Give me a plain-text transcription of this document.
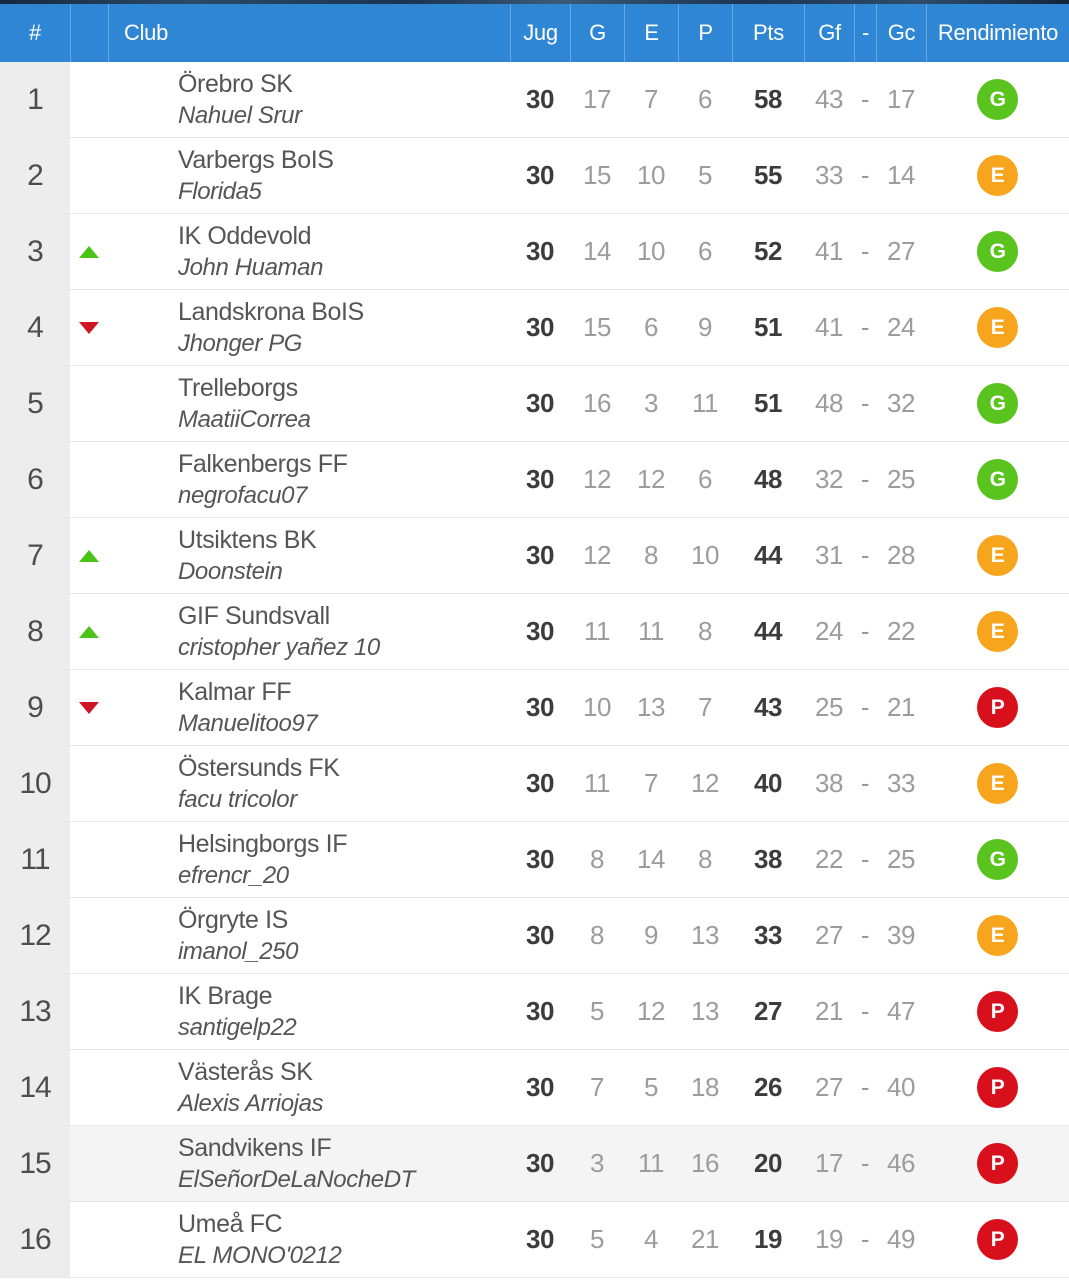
#	Club	Jug	G	E	P	Pts	Gf - Gc	Rendimiento
1	Örebro SK
Nahuel Srur
30	17	7	6	58	43 - 17	G
2	Varbergs BoIS
Florida5
30	15	10	5	55	33 - 14	E
3	IK Oddevold
John Huaman
30	14	10	6	52	41 - 27	G
4	Landskrona BoIS
Jhonger PG
30	15	6	9	51	41 - 24	E
5	Trelleborgs
MaatiiCorrea
30	16	3	11	51	48 - 32	G
6	Falkenbergs FF
negrofacu07
30	12	12	6	48	32 - 25	G
7	Utsiktens BK
Doonstein
30	12	8	10	44	31 - 28	E
8	GIF Sundsvall
cristopher yañez 10
30	11	11	8	44	24 - 22	E
9	Kalmar FF
Manuelitoo97
30	10	13	7	43	25 - 21	P
10	Östersunds FK
facu tricolor
30	11	7	12	40	38 - 33	E
11	Helsingborgs IF
efrencr_20
30	8	14	8	38	22 - 25	G
12	Örgryte IS
imanol_250
30	8	9	13	33	27 - 39	E
13	IK Brage
santigelp22
30	5	12	13	27	21 - 47	P
14	Västerås SK
Alexis Arriojas
30	7	5	18	26	27 - 40	P
15	Sandvikens IF
ElSeñorDeLaNocheDT
30	3	11	16	20	17 - 46	P
16	Umeå FC
EL MONO'0212
30	5	4	21	19	19 - 49	P
